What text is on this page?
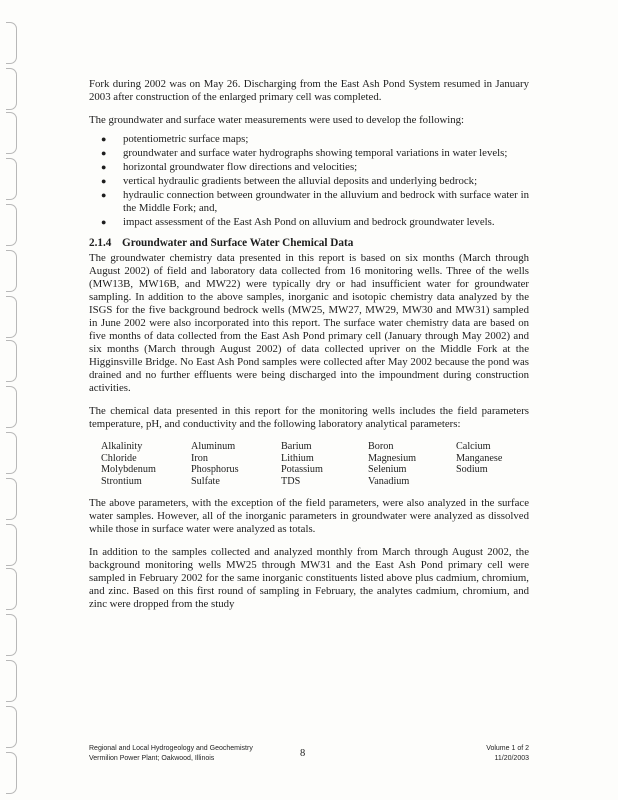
Fork during 2002 was on May 26. Discharging from the East Ash Pond System resumed in January 2003 after construction of the enlarged primary cell was completed.

The groundwater and surface water measurements were used to develop the following:

● potentiometric surface maps;
● groundwater and surface water hydrographs showing temporal variations in water levels;
● horizontal groundwater flow directions and velocities;
● vertical hydraulic gradients between the alluvial deposits and underlying bedrock;
● hydraulic connection between groundwater in the alluvium and bedrock with surface water in the Middle Fork; and,
● impact assessment of the East Ash Pond on alluvium and bedrock groundwater levels.
2.1.4 Groundwater and Surface Water Chemical Data

The groundwater chemistry data presented in this report is based on six months (March through August 2002) of field and laboratory data collected from 16 monitoring wells. Three of the wells (MW13B, MW16B, and MW22) were typically dry or had insufficient water for groundwater sampling. In addition to the above samples, inorganic and isotopic chemistry data analyzed by the ISGS for the five background bedrock wells (MW25, MW27, MW29, MW30 and MW31) sampled in June 2002 were also incorporated into this report. The surface water chemistry data are based on five months of data collected from the East Ash Pond primary cell (January through May 2002) and six months (March through August 2002) of data collected upriver on the Middle Fork at the Higginsville Bridge. No East Ash Pond samples were collected after May 2002 because the pond was drained and no further effluents were being discharged into the impoundment during construction activities.

The chemical data presented in this report for the monitoring wells includes the field parameters temperature, pH, and conductivity and the following laboratory analytical parameters:

Alkalinity	Aluminum	Barium	Boron	Calcium
Chloride	Iron	Lithium	Magnesium	Manganese
Molybdenum	Phosphorus	Potassium	Selenium	Sodium
Strontium	Sulfate	TDS	Vanadium	

The above parameters, with the exception of the field parameters, were also analyzed in the surface water samples. However, all of the inorganic parameters in groundwater were analyzed as dissolved while those in surface water were analyzed as totals.

In addition to the samples collected and analyzed monthly from March through August 2002, the background monitoring wells MW25 through MW31 and the East Ash Pond primary cell were sampled in February 2002 for the same inorganic constituents listed above plus cadmium, chromium, and zinc. Based on this first round of sampling in February, the analytes cadmium, chromium, and zinc were dropped from the study

Regional and Local Hydrogeology and Geochemistry
Vermilion Power Plant; Oakwood, Illinois	8	Volume 1 of 2
11/20/2003
